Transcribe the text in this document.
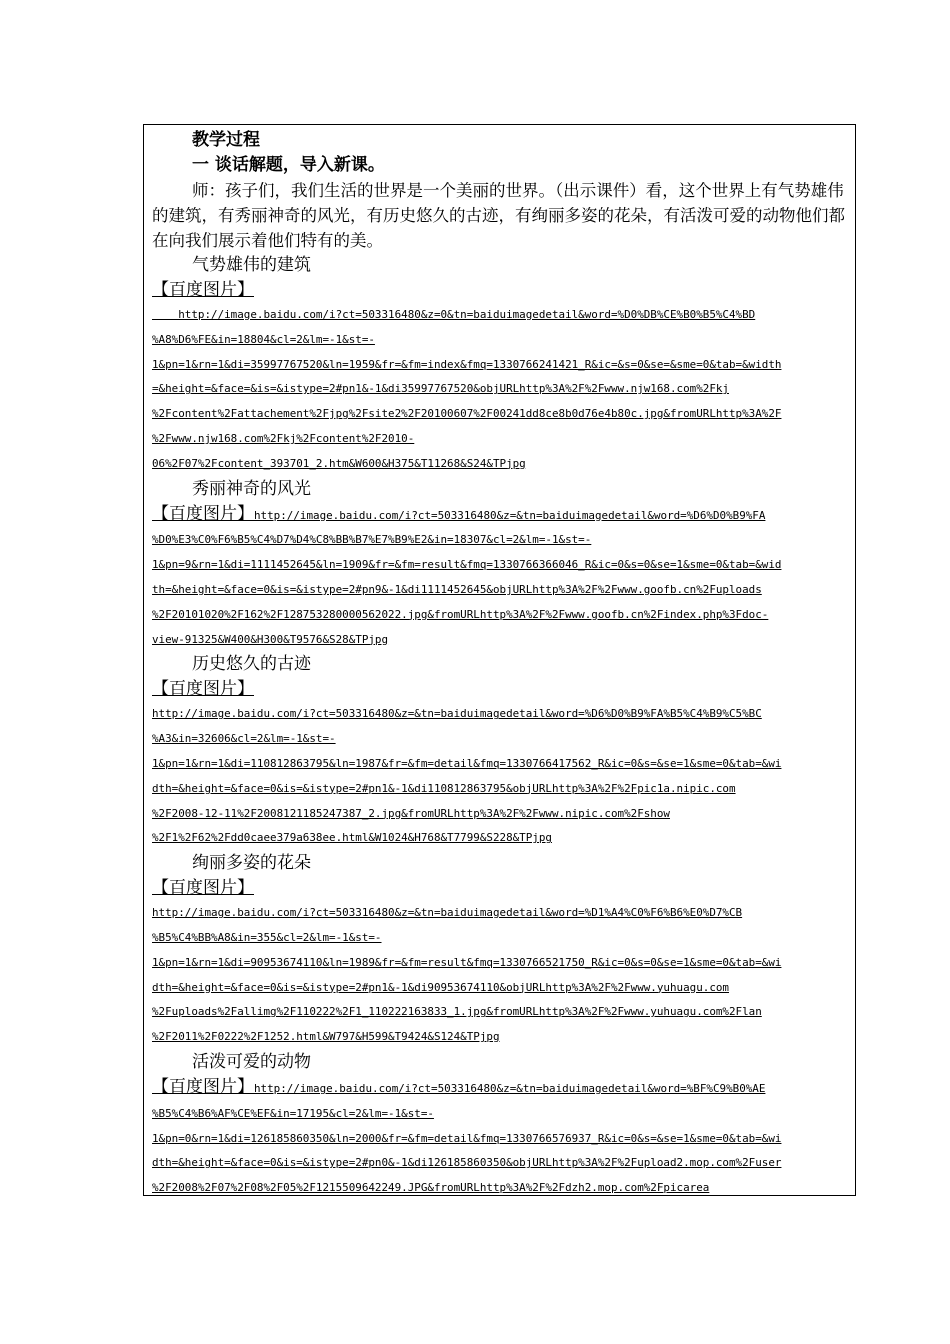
教学过程
一 谈话解题，导入新课。

师：孩子们，我们生活的世界是一个美丽的世界。（出示课件）看，这个世界上有气势雄伟的建筑，有秀丽神奇的风光，有历史悠久的古迹，有绚丽多姿的花朵，有活泼可爱的动物他们都在向我们展示着他们特有的美。

气势雄伟的建筑
【百度图片】
http://image.baidu.com/i?ct=503316480&z=0&tn=baiduimagedetail&word=%D0%DB%CE%B0%B5%C4%BD
%A8%D6%FE&in=18804&cl=2&lm=-1&st=-
1&pn=1&rn=1&di=35997767520&ln=1959&fr=&fm=index&fmq=1330766241421_R&ic=&s=0&se=&sme=0&tab=&width
=&height=&face=&is=&istype=2#pn1&-1&di35997767520&objURLhttp%3A%2F%2Fwww.njw168.com%2Fkj
%2Fcontent%2Fattachement%2Fjpg%2Fsite2%2F20100607%2F00241dd8ce8b0d76e4b80c.jpg&fromURLhttp%3A%2F
%2Fwww.njw168.com%2Fkj%2Fcontent%2F2010-
06%2F07%2Fcontent_393701_2.htm&W600&H375&T11268&S24&TPjpg
秀丽神奇的风光
【百度图片】http://image.baidu.com/i?ct=503316480&z=&tn=baiduimagedetail&word=%D6%D0%B9%FA
%D0%E3%C0%F6%B5%C4%D7%D4%C8%BB%B7%E7%B9%E2&in=18307&cl=2&lm=-1&st=-
1&pn=9&rn=1&di=1111452645&ln=1909&fr=&fm=result&fmq=1330766366046_R&ic=0&s=0&se=1&sme=0&tab=&wid
th=&height=&face=0&is=&istype=2#pn9&-1&di1111452645&objURLhttp%3A%2F%2Fwww.goofb.cn%2Fuploads
%2F20101020%2F162%2F128753280000562022.jpg&fromURLhttp%3A%2F%2Fwww.goofb.cn%2Findex.php%3Fdoc-
view-91325&W400&H300&T9576&S28&TPjpg
历史悠久的古迹
【百度图片】
http://image.baidu.com/i?ct=503316480&z=&tn=baiduimagedetail&word=%D6%D0%B9%FA%B5%C4%B9%C5%BC
%A3&in=32606&cl=2&lm=-1&st=-
1&pn=1&rn=1&di=110812863795&ln=1987&fr=&fm=detail&fmq=1330766417562_R&ic=0&s=&se=1&sme=0&tab=&wi
dth=&height=&face=0&is=&istype=2#pn1&-1&di110812863795&objURLhttp%3A%2F%2Fpic1a.nipic.com
%2F2008-12-11%2F2008121185247387_2.jpg&fromURLhttp%3A%2F%2Fwww.nipic.com%2Fshow
%2F1%2F62%2Fdd0caee379a638ee.html&W1024&H768&T7799&S228&TPjpg
绚丽多姿的花朵
【百度图片】
http://image.baidu.com/i?ct=503316480&z=&tn=baiduimagedetail&word=%D1%A4%C0%F6%B6%E0%D7%CB
%B5%C4%BB%A8&in=355&cl=2&lm=-1&st=-
1&pn=1&rn=1&di=90953674110&ln=1989&fr=&fm=result&fmq=1330766521750_R&ic=0&s=0&se=1&sme=0&tab=&wi
dth=&height=&face=0&is=&istype=2#pn1&-1&di90953674110&objURLhttp%3A%2F%2Fwww.yuhuagu.com
%2Fuploads%2Fallimg%2F110222%2F1_110222163833_1.jpg&fromURLhttp%3A%2F%2Fwww.yuhuagu.com%2Flan
%2F2011%2F0222%2F1252.html&W797&H599&T9424&S124&TPjpg
活泼可爱的动物
【百度图片】http://image.baidu.com/i?ct=503316480&z=&tn=baiduimagedetail&word=%BF%C9%B0%AE
%B5%C4%B6%AF%CE%EF&in=17195&cl=2&lm=-1&st=-
1&pn=0&rn=1&di=126185860350&ln=2000&fr=&fm=detail&fmq=1330766576937_R&ic=0&s=&se=1&sme=0&tab=&wi
dth=&height=&face=0&is=&istype=2#pn0&-1&di126185860350&objURLhttp%3A%2F%2Fupload2.mop.com%2Fuser
%2F2008%2F07%2F08%2F05%2F1215509642249.JPG&fromURLhttp%3A%2F%2Fdzh2.mop.com%2Fpicarea
